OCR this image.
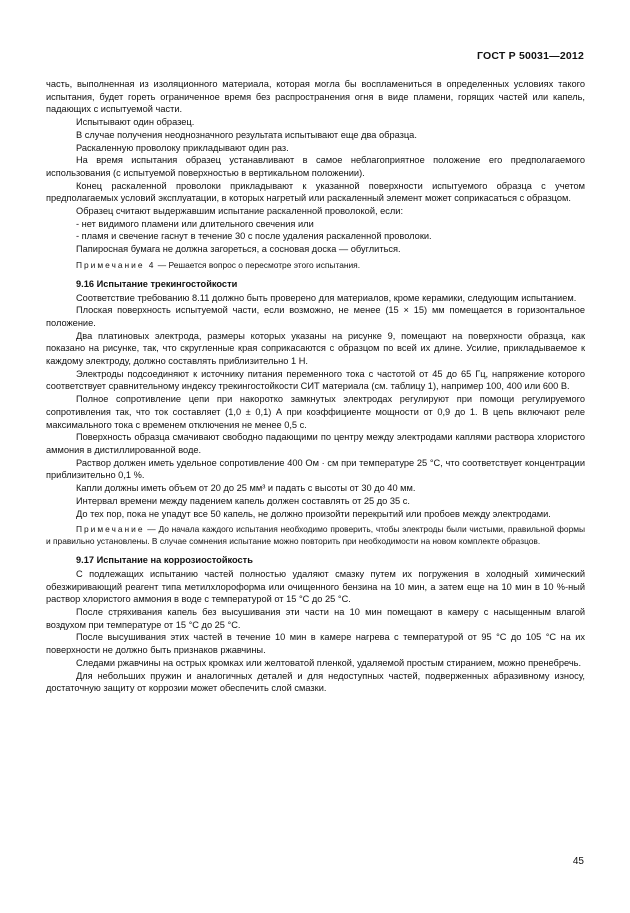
ГОСТ Р 50031—2012

часть, выполненная из изоляционного материала, которая могла бы воспламениться в определенных условиях такого испытания, будет гореть ограниченное время без распространения огня в виде пламени, горящих частей или капель, падающих с испытуемой части.

Испытывают один образец.

В случае получения неоднозначного результата испытывают еще два образца.

Раскаленную проволоку прикладывают один раз.

На время испытания образец устанавливают в самое неблагоприятное положение его предполагаемого использования (с испытуемой поверхностью в вертикальном положении).

Конец раскаленной проволоки прикладывают к указанной поверхности испытуемого образца с учетом предполагаемых условий эксплуатации, в которых нагретый или раскаленный элемент может соприкасаться с образцом.

Образец считают выдержавшим испытание раскаленной проволокой, если:

- нет видимого пламени или длительного свечения или

- пламя и свечение гаснут в течение 30 с после удаления раскаленной проволоки.

Папиросная бумага не должна загореться, а сосновая доска — обуглиться.

Примечание 4 — Решается вопрос о пересмотре этого испытания.

9.16 Испытание трекингостойкости

Соответствие требованию 8.11 должно быть проверено для материалов, кроме керамики, следующим испытанием.

Плоская поверхность испытуемой части, если возможно, не менее (15 × 15) мм помещается в горизонтальное положение.

Два платиновых электрода, размеры которых указаны на рисунке 9, помещают на поверхности образца, как показано на рисунке, так, что скругленные края соприкасаются с образцом по всей их длине. Усилие, прикладываемое к каждому электроду, должно составлять приблизительно 1 Н.

Электроды подсоединяют к источнику питания переменного тока с частотой от 45 до 65 Гц, напряжение которого соответствует сравнительному индексу трекингостойкости СИТ материала (см. таблицу 1), например 100, 400 или 600 В.

Полное сопротивление цепи при накоротко замкнутых электродах регулируют при помощи регулируемого сопротивления так, что ток составляет (1,0 ± 0,1) А при коэффициенте мощности от 0,9 до 1. В цепь включают реле максимального тока с временем отключения не менее 0,5 с.

Поверхность образца смачивают свободно падающими по центру между электродами каплями раствора хлористого аммония в дистиллированной воде.

Раствор должен иметь удельное сопротивление 400 Ом · см при температуре 25 °С, что соответствует концентрации приблизительно 0,1 %.

Капли должны иметь объем от 20 до 25 мм³ и падать с высоты от 30 до 40 мм.

Интервал времени между падением капель должен составлять от 25 до 35 с.

До тех пор, пока не упадут все 50 капель, не должно произойти перекрытий или пробоев между электродами.

Примечание — До начала каждого испытания необходимо проверить, чтобы электроды были чистыми, правильной формы и правильно установлены. В случае сомнения испытание можно повторить при необходимости на новом комплекте образцов.

9.17 Испытание на коррозиостойкость

С подлежащих испытанию частей полностью удаляют смазку путем их погружения в холодный химический обезжиривающий реагент типа метилхлороформа или очищенного бензина на 10 мин, а затем еще на 10 мин в 10 %-ный раствор хлористого аммония в воде с температурой от 15 °С до 25 °С.

После стряхивания капель без высушивания эти части на 10 мин помещают в камеру с насыщенным влагой воздухом при температуре от 15 °С до 25 °С.

После высушивания этих частей в течение 10 мин в камере нагрева с температурой от 95 °С до 105 °С на их поверхности не должно быть признаков ржавчины.

Следами ржавчины на острых кромках или желтоватой пленкой, удаляемой простым стиранием, можно пренебречь.

Для небольших пружин и аналогичных деталей и для недоступных частей, подверженных абразивному износу, достаточную защиту от коррозии может обеспечить слой смазки.

45
